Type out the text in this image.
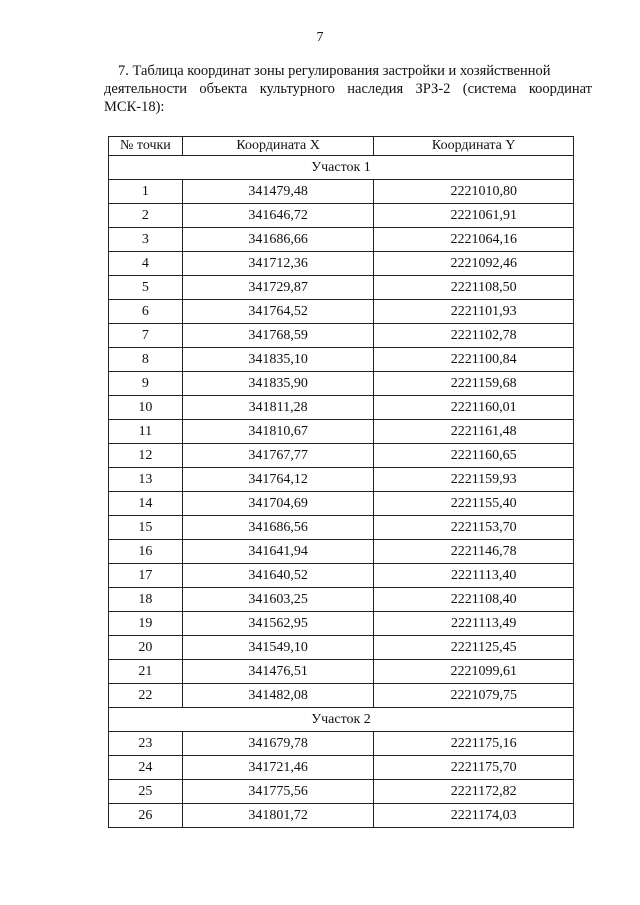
7
7. Таблица координат зоны регулирования застройки и хозяйственной
деятельности объекта культурного наследия ЗРЗ-2 (система координат
МСК-18):
№ точки	Координата X	Координата Y
Участок 1		
1	341479,48	2221010,80
2	341646,72	2221061,91
3	341686,66	2221064,16
4	341712,36	2221092,46
5	341729,87	2221108,50
6	341764,52	2221101,93
7	341768,59	2221102,78
8	341835,10	2221100,84
9	341835,90	2221159,68
10	341811,28	2221160,01
11	341810,67	2221161,48
12	341767,77	2221160,65
13	341764,12	2221159,93
14	341704,69	2221155,40
15	341686,56	2221153,70
16	341641,94	2221146,78
17	341640,52	2221113,40
18	341603,25	2221108,40
19	341562,95	2221113,49
20	341549,10	2221125,45
21	341476,51	2221099,61
22	341482,08	2221079,75
Участок 2		
23	341679,78	2221175,16
24	341721,46	2221175,70
25	341775,56	2221172,82
26	341801,72	2221174,03
